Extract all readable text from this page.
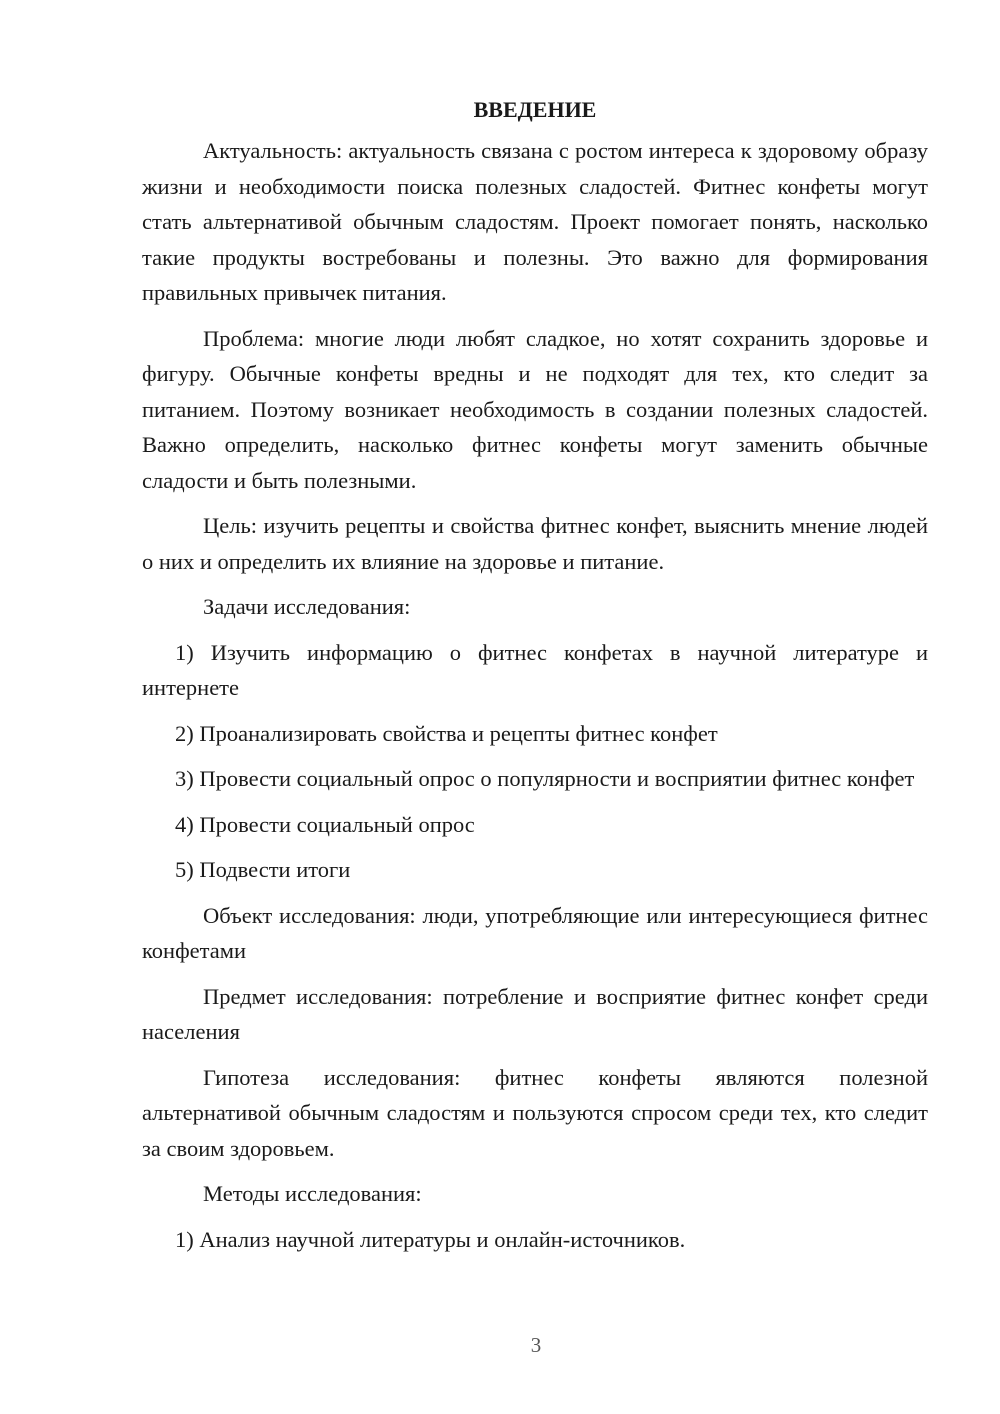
ВВЕДЕНИЕ

Актуальность: актуальность связана с ростом интереса к здоровому образу жизни и необходимости поиска полезных сладостей. Фитнес конфеты могут стать альтернативой обычным сладостям. Проект помогает понять, насколько такие продукты востребованы и полезны. Это важно для формирования правильных привычек питания.

Проблема: многие люди любят сладкое, но хотят сохранить здоровье и фигуру. Обычные конфеты вредны и не подходят для тех, кто следит за питанием. Поэтому возникает необходимость в создании полезных сладостей. Важно определить, насколько фитнес конфеты могут заменить обычные сладости и быть полезными.

Цель: изучить рецепты и свойства фитнес конфет, выяснить мнение людей о них и определить их влияние на здоровье и питание.

Задачи исследования:

1) Изучить информацию о фитнес конфетах в научной литературе и интернете

2) Проанализировать свойства и рецепты фитнес конфет

3) Провести социальный опрос о популярности и восприятии фитнес конфет

4) Провести социальный опрос

5) Подвести итоги

Объект исследования: люди, употребляющие или интересующиеся фитнес конфетами

Предмет исследования: потребление и восприятие фитнес конфет среди населения

Гипотеза исследования: фитнес конфеты являются полезной альтернативой обычным сладостям и пользуются спросом среди тех, кто следит за своим здоровьем.

Методы исследования:

1) Анализ научной литературы и онлайн-источников.

3
